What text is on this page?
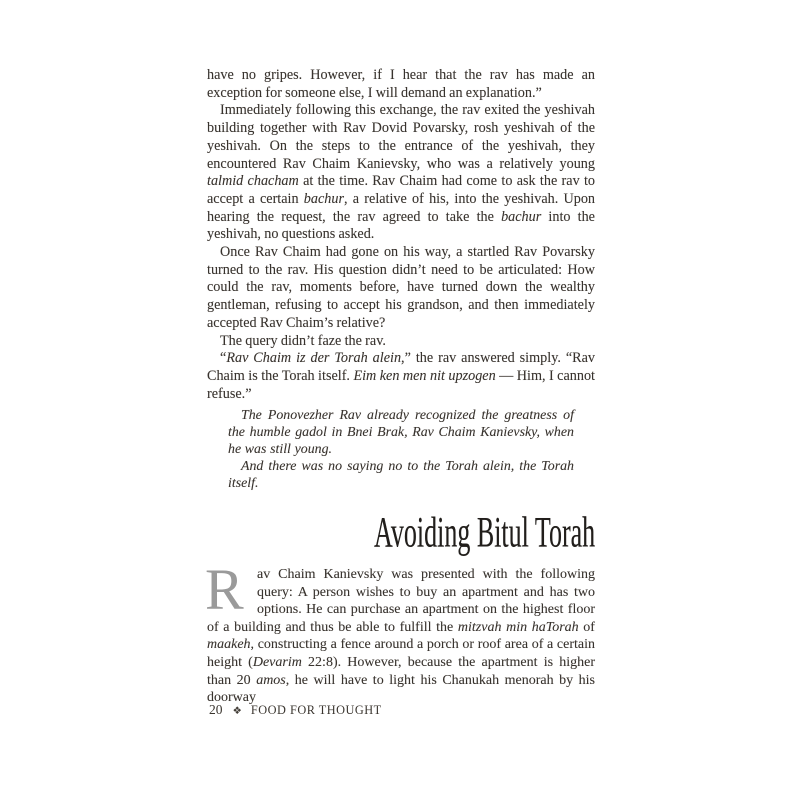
have no gripes. However, if I hear that the rav has made an exception for someone else, I will demand an explanation.”

Immediately following this exchange, the rav exited the yeshivah building together with Rav Dovid Povarsky, rosh yeshivah of the yeshivah. On the steps to the entrance of the yeshivah, they encountered Rav Chaim Kanievsky, who was a relatively young talmid chacham at the time. Rav Chaim had come to ask the rav to accept a certain bachur, a relative of his, into the yeshivah. Upon hearing the request, the rav agreed to take the bachur into the yeshivah, no questions asked.

Once Rav Chaim had gone on his way, a startled Rav Povarsky turned to the rav. His question didn’t need to be articulated: How could the rav, moments before, have turned down the wealthy gentleman, refusing to accept his grandson, and then immediately accepted Rav Chaim’s relative?

The query didn’t faze the rav.

“Rav Chaim iz der Torah alein,” the rav answered simply. “Rav Chaim is the Torah itself. Eim ken men nit upzogen — Him, I cannot refuse.”

The Ponovezher Rav already recognized the greatness of the humble gadol in Bnei Brak, Rav Chaim Kanievsky, when he was still young.

And there was no saying no to the Torah alein, the Torah itself.

Avoiding Bitul Torah
R av Chaim Kanievsky was presented with the following query: A person wishes to buy an apartment and has two options. He can purchase an apartment on the highest floor of a building and thus be able to fulfill the mitzvah min haTorah of maakeh, constructing a fence around a porch or roof area of a certain height (Devarim 22:8). However, because the apartment is higher than 20 amos, he will have to light his Chanukah menorah by his doorway

20 ❖ FOOD FOR THOUGHT
